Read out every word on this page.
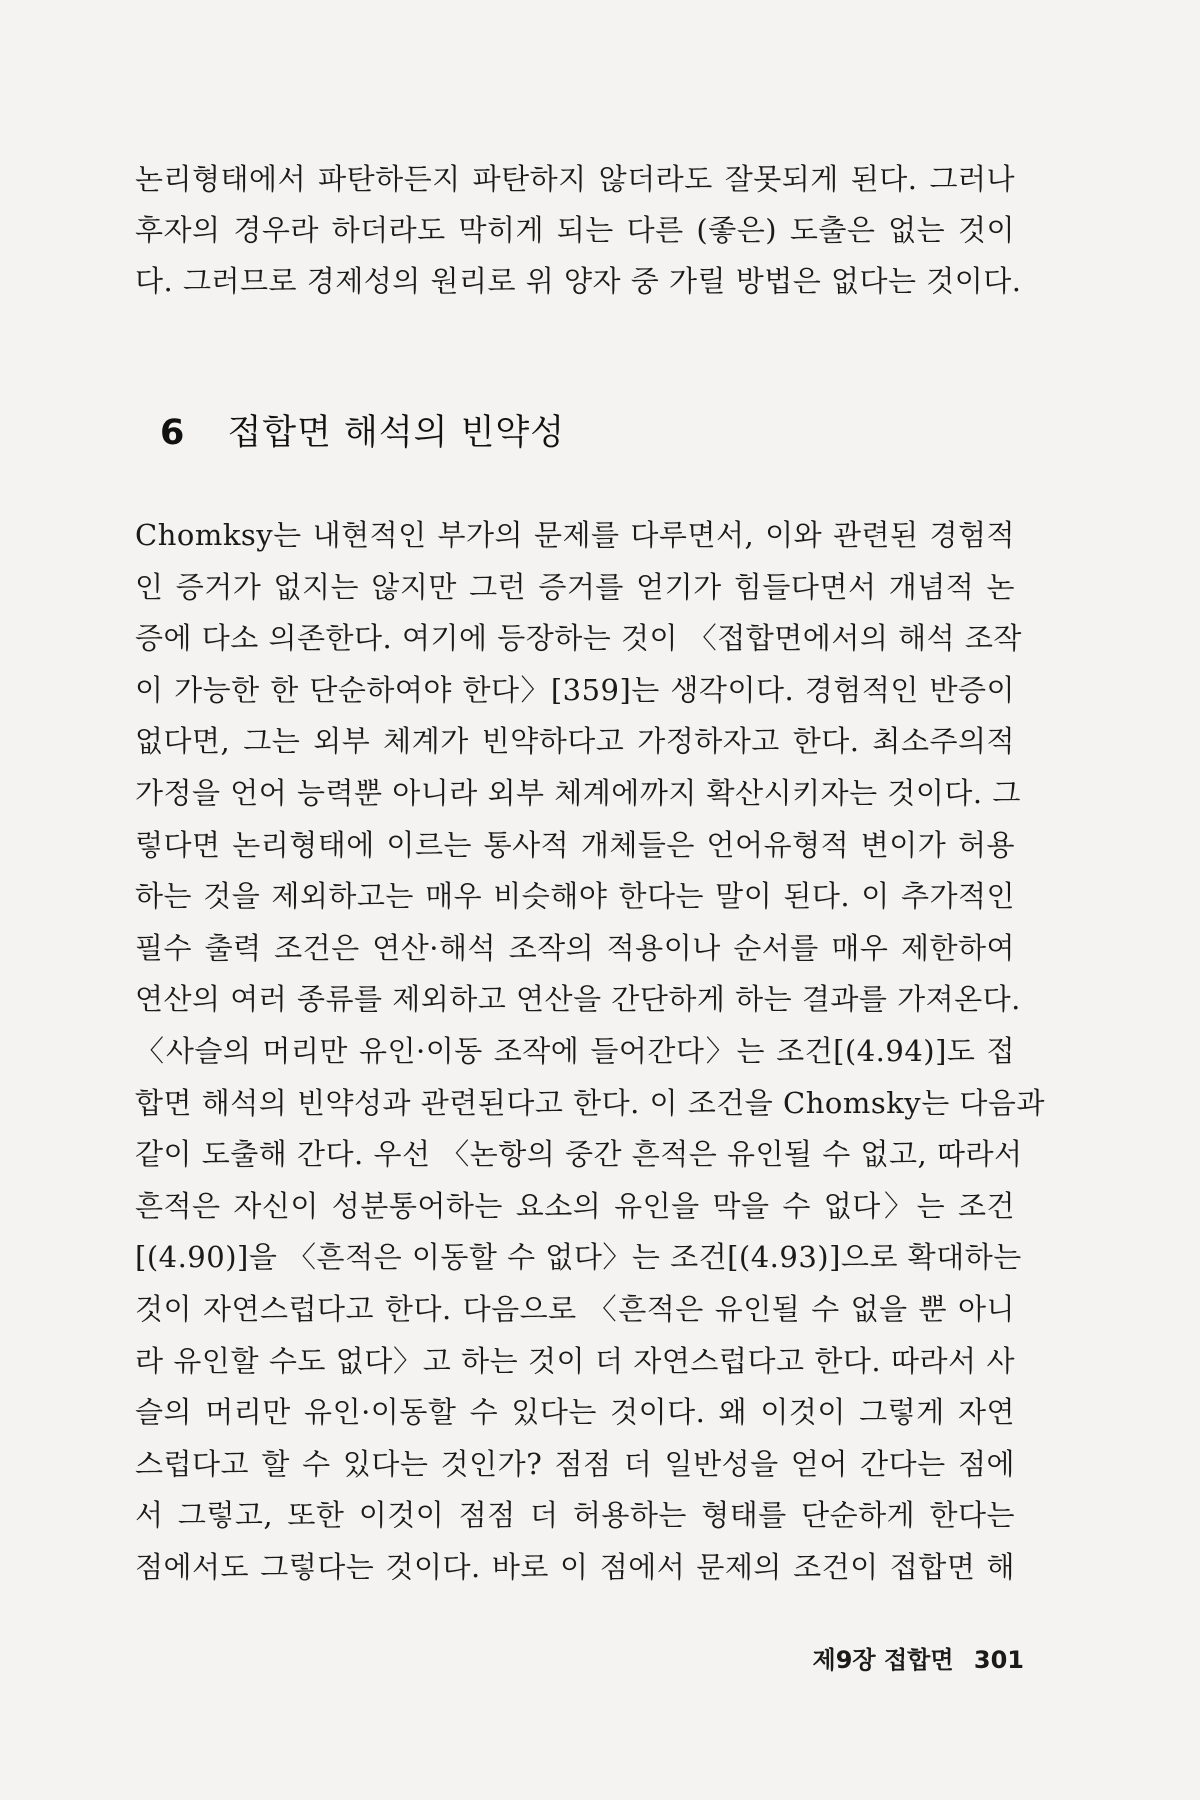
논리형태에서 파탄하든지 파탄하지 않더라도 잘못되게 된다. 그러나
후자의 경우라 하더라도 막히게 되는 다른 (좋은) 도출은 없는 것이
다. 그러므로 경제성의 원리로 위 양자 중 가릴 방법은 없다는 것이다.
6 접합면 해석의 빈약성
Chomksy는 내현적인 부가의 문제를 다루면서, 이와 관련된 경험적
인 증거가 없지는 않지만 그런 증거를 얻기가 힘들다면서 개념적 논
증에 다소 의존한다. 여기에 등장하는 것이 〈접합면에서의 해석 조작
이 가능한 한 단순하여야 한다〉[359]는 생각이다. 경험적인 반증이
없다면, 그는 외부 체계가 빈약하다고 가정하자고 한다. 최소주의적
가정을 언어 능력뿐 아니라 외부 체계에까지 확산시키자는 것이다. 그
렇다면 논리형태에 이르는 통사적 개체들은 언어유형적 변이가 허용
하는 것을 제외하고는 매우 비슷해야 한다는 말이 된다. 이 추가적인
필수 출력 조건은 연산·해석 조작의 적용이나 순서를 매우 제한하여
연산의 여러 종류를 제외하고 연산을 간단하게 하는 결과를 가져온다.
〈사슬의 머리만 유인·이동 조작에 들어간다〉는 조건[(4.94)]도 접
합면 해석의 빈약성과 관련된다고 한다. 이 조건을 Chomsky는 다음과
같이 도출해 간다. 우선 〈논항의 중간 흔적은 유인될 수 없고, 따라서
흔적은 자신이 성분통어하는 요소의 유인을 막을 수 없다〉는 조건
[(4.90)]을 〈흔적은 이동할 수 없다〉는 조건[(4.93)]으로 확대하는
것이 자연스럽다고 한다. 다음으로 〈흔적은 유인될 수 없을 뿐 아니
라 유인할 수도 없다〉고 하는 것이 더 자연스럽다고 한다. 따라서 사
슬의 머리만 유인·이동할 수 있다는 것이다. 왜 이것이 그렇게 자연
스럽다고 할 수 있다는 것인가? 점점 더 일반성을 얻어 간다는 점에
서 그렇고, 또한 이것이 점점 더 허용하는 형태를 단순하게 한다는
점에서도 그렇다는 것이다. 바로 이 점에서 문제의 조건이 접합면 해
제9장 접합면 301
